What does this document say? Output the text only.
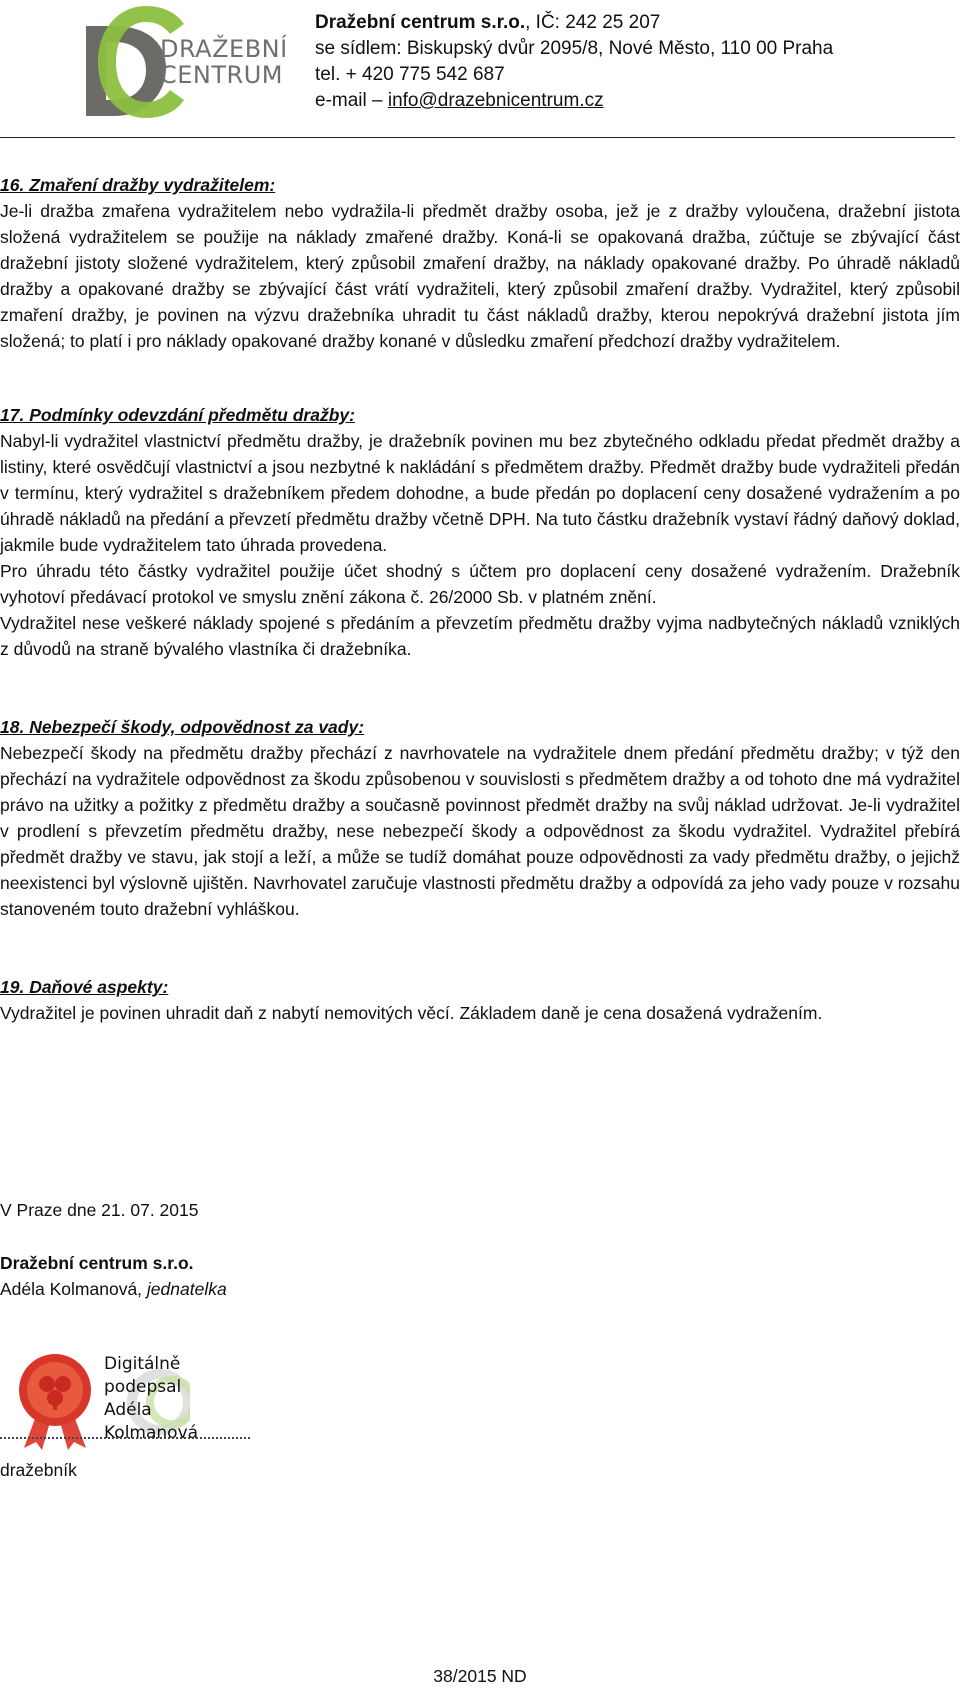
DRAŽEBNÍ
CENTRUM
Dražební centrum s.r.o., IČ: 242 25 207
se sídlem: Biskupský dvůr 2095/8, Nové Město, 110 00 Praha
tel. + 420 775 542 687
e-mail – info@drazebnicentrum.cz

16. Zmaření dražby vydražitelem:

Je-li dražba zmařena vydražitelem nebo vydražila-li předmět dražby osoba, jež je z dražby vyloučena, dražební jistota složená vydražitelem se použije na náklady zmařené dražby. Koná-li se opakovaná dražba, zúčtuje se zbývající část dražební jistoty složené vydražitelem, který způsobil zmaření dražby, na náklady opakované dražby. Po úhradě nákladů dražby a opakované dražby se zbývající část vrátí vydražiteli, který způsobil zmaření dražby. Vydražitel, který způsobil zmaření dražby, je povinen na výzvu dražebníka uhradit tu část nákladů dražby, kterou nepokrývá dražební jistota jím složená; to platí i pro náklady opakované dražby konané v důsledku zmaření předchozí dražby vydražitelem.

17. Podmínky odevzdání předmětu dražby:

Nabyl-li vydražitel vlastnictví předmětu dražby, je dražebník povinen mu bez zbytečného odkladu předat předmět dražby a listiny, které osvědčují vlastnictví a jsou nezbytné k nakládání s předmětem dražby. Předmět dražby bude vydražiteli předán v termínu, který vydražitel s dražebníkem předem dohodne, a bude předán po doplacení ceny dosažené vydražením a po úhradě nákladů na předání a převzetí předmětu dražby včetně DPH. Na tuto částku dražebník vystaví řádný daňový doklad, jakmile bude vydražitelem tato úhrada provedena.

Pro úhradu této částky vydražitel použije účet shodný s účtem pro doplacení ceny dosažené vydražením. Dražebník vyhotoví předávací protokol ve smyslu znění zákona č. 26/2000 Sb. v platném znění.

Vydražitel nese veškeré náklady spojené s předáním a převzetím předmětu dražby vyjma nadbytečných nákladů vzniklých z důvodů na straně bývalého vlastníka či dražebníka.

18. Nebezpečí škody, odpovědnost za vady:

Nebezpečí škody na předmětu dražby přechází z navrhovatele na vydražitele dnem předání předmětu dražby; v týž den přechází na vydražitele odpovědnost za škodu způsobenou v souvislosti s předmětem dražby a od tohoto dne má vydražitel právo na užitky a požitky z předmětu dražby a současně povinnost předmět dražby na svůj náklad udržovat. Je-li vydražitel v prodlení s převzetím předmětu dražby, nese nebezpečí škody a odpovědnost za škodu vydražitel. Vydražitel přebírá předmět dražby ve stavu, jak stojí a leží, a může se tudíž domáhat pouze odpovědnosti za vady předmětu dražby, o jejichž neexistenci byl výslovně ujištěn. Navrhovatel zaručuje vlastnosti předmětu dražby a odpovídá za jeho vady pouze v rozsahu stanoveném touto dražební vyhláškou.

19. Daňové aspekty:

Vydražitel je povinen uhradit daň z nabytí nemovitých věcí. Základem daně je cena dosažená vydražením.

V Praze dne 21. 07. 2015
Dražební centrum s.r.o.
Adéla Kolmanová, jednatelka
Digitálně
podepsal
Adéla
Kolmanová
dražebník
38/2015 ND
